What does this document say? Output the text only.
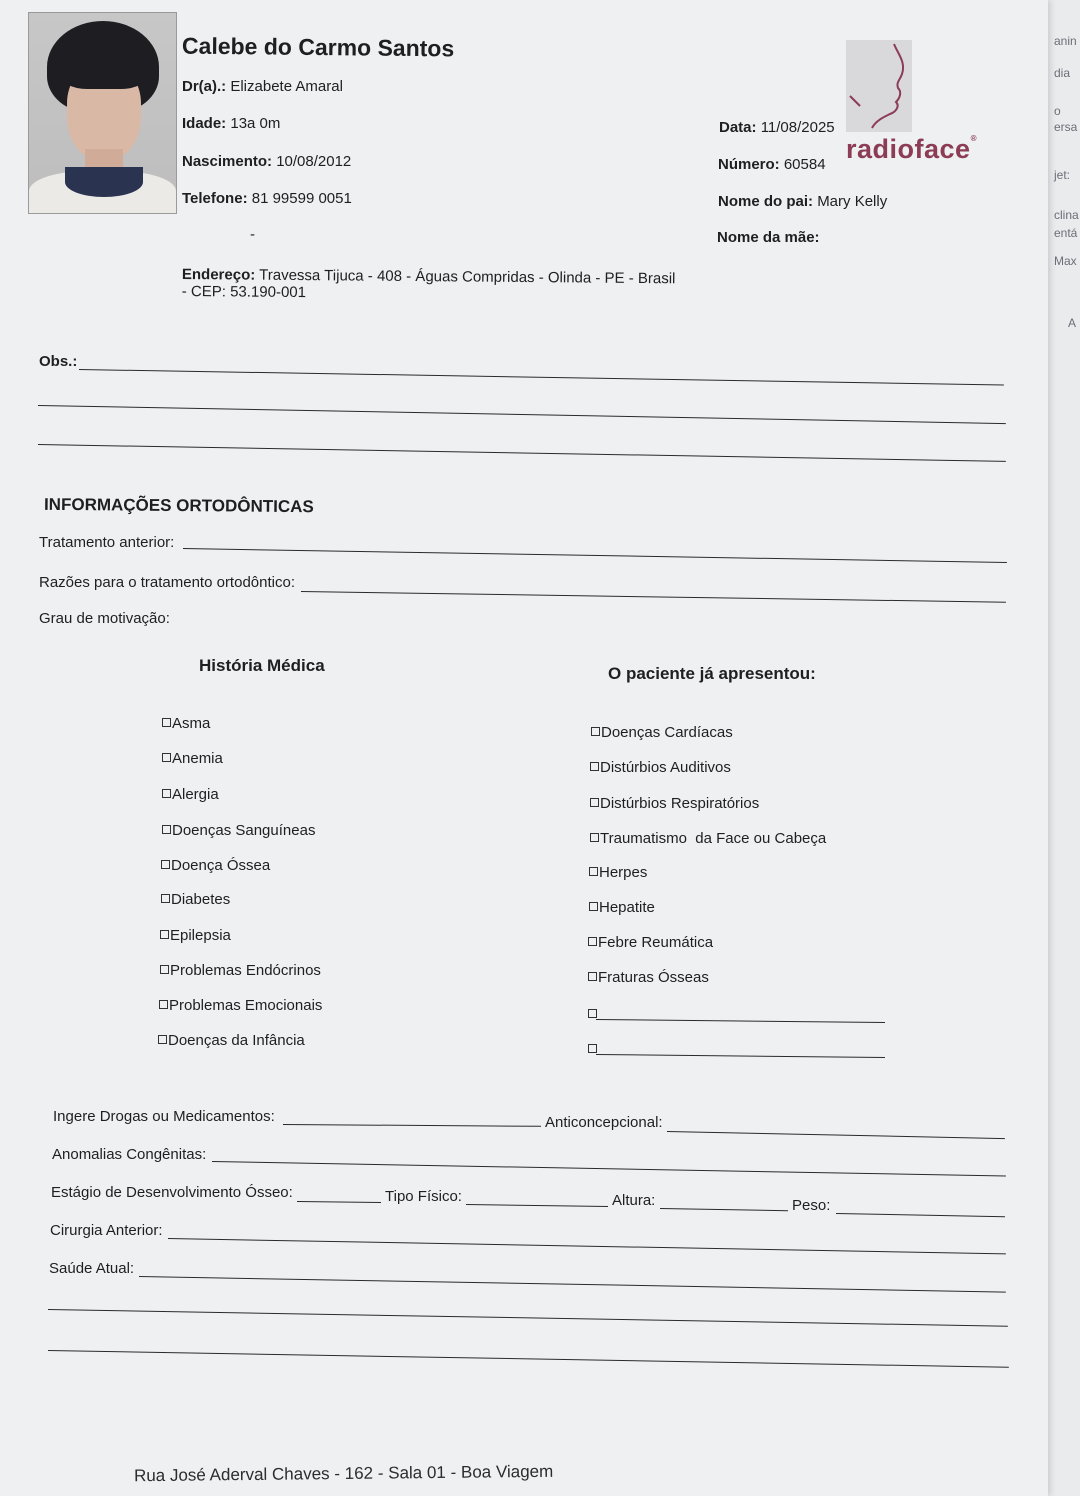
anin
dia
o
ersa
jet:
clina
entá
Max
A
Calebe do Carmo Santos
Dr(a).: Elizabete Amaral
Idade: 13a 0m
Nascimento: 10/08/2012
Telefone: 81 99599 0051
-
Endereço: Travessa Tijuca - 408 - Águas Compridas - Olinda - PE - Brasil
- CEP: 53.190-001
Data: 11/08/2025
Número: 60584
Nome do pai: Mary Kelly
Nome da mãe:
radioface®
Obs.:
INFORMAÇÕES ORTODÔNTICAS
Tratamento anterior:
Razões para o tratamento ortodôntico:
Grau de motivação:
História Médica	O paciente já apresentou:
Asma
Anemia
Alergia
Doenças Sanguíneas
Doença Óssea
Diabetes
Epilepsia
Problemas Endócrinos
Problemas Emocionais
Doenças da Infância
Doenças Cardíacas
Distúrbios Auditivos
Distúrbios Respiratórios
Traumatismo  da Face ou Cabeça
Herpes
Hepatite
Febre Reumática
Fraturas Ósseas
Ingere Drogas ou Medicamentos:	Anticoncepcional:
Anomalias Congênitas:
Estágio de Desenvolvimento Ósseo:	Tipo Físico:	Altura:	Peso:
Cirurgia Anterior:
Saúde Atual:
Rua José Aderval Chaves - 162 - Sala 01 - Boa Viagem
